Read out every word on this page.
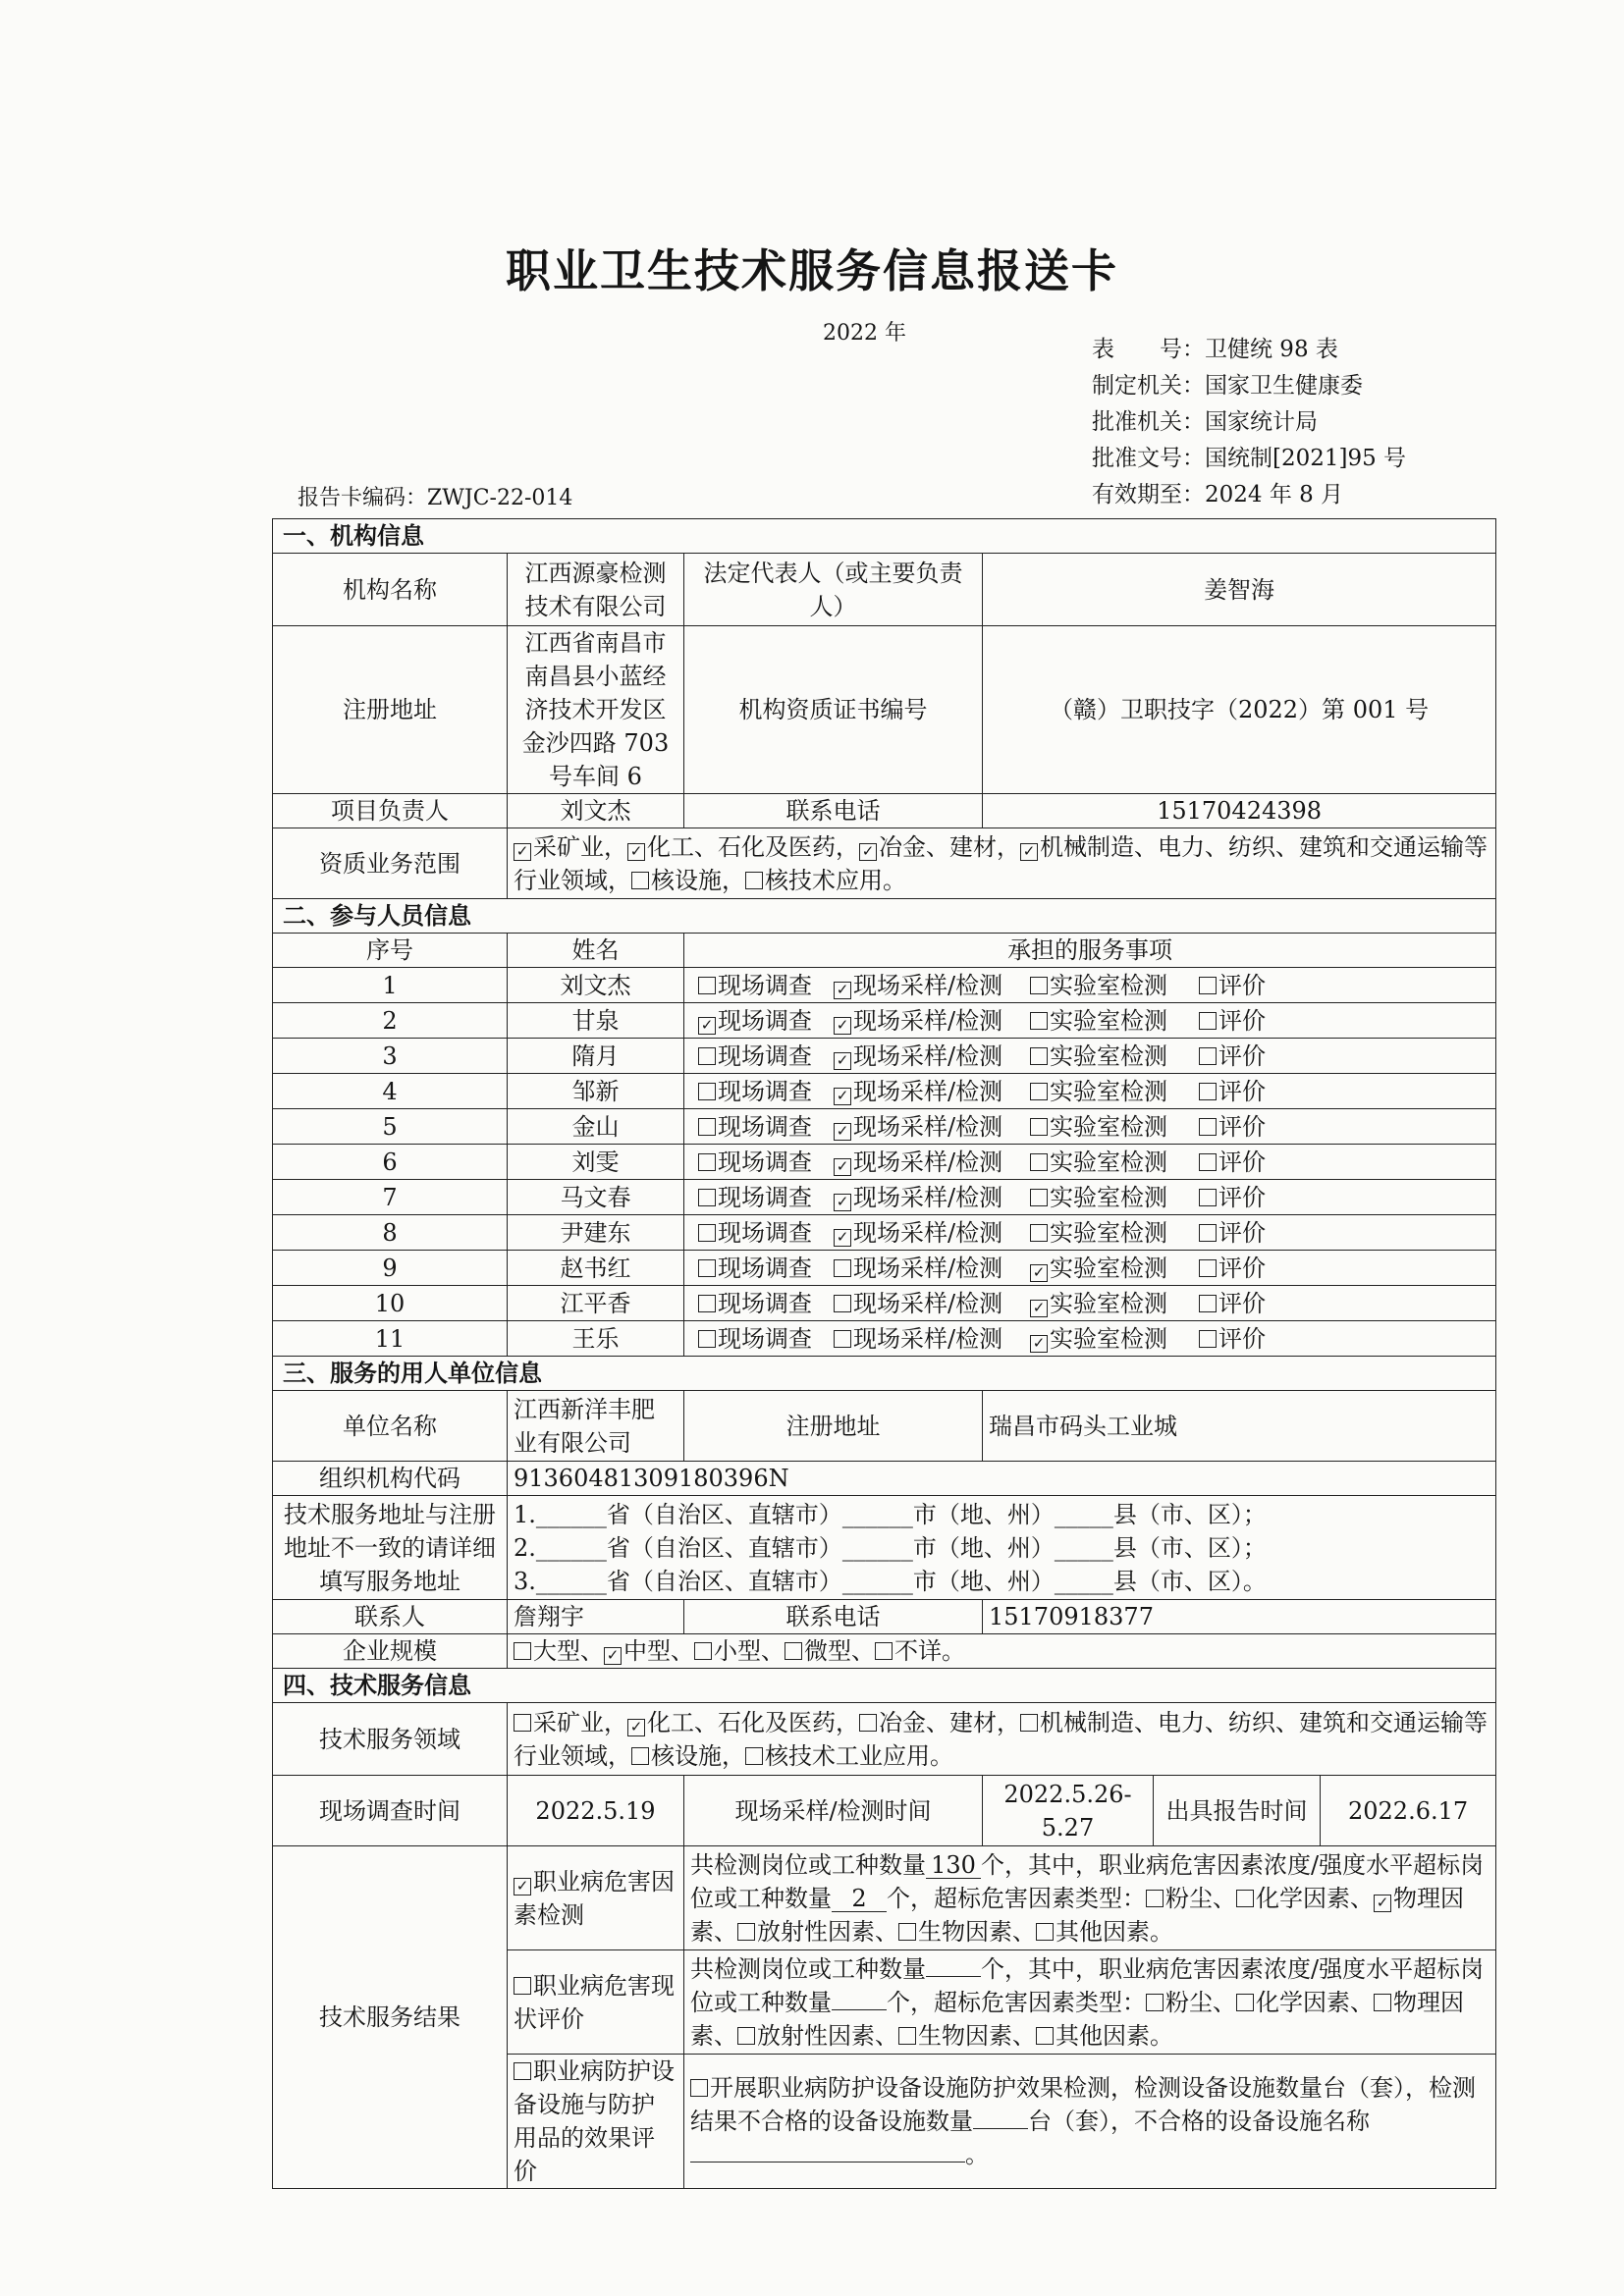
职业卫生技术服务信息报送卡
2022 年
表　　号：卫健统 98 表
制定机关：国家卫生健康委
批准机关：国家统计局
批准文号：国统制[2021]95 号
有效期至：2024 年 8 月
报告卡编码：ZWJC-22-014
一、机构信息					
机构名称	江西源豪检测技术有限公司	法定代表人（或主要负责人）	姜智海		
注册地址	江西省南昌市南昌县小蓝经济技术开发区金沙四路 703 号车间 6	机构资质证书编号	（赣）卫职技字（2022）第 001 号		
项目负责人	刘文杰	联系电话	15170424398		
资质业务范围	✓ 采矿业， ✓ 化工、石化及医药， ✓ 冶金、建材， ✓ 机械制造、电力、纺织、建筑和交通运输等行业领域， 核设施， 核技术应用。				
二、参与人员信息					
序号	姓名	承担的服务事项			
1	刘文杰	现场调查 ✓ 现场采样/检测 实验室检测 评价			
2	甘泉	✓ 现场调查 ✓ 现场采样/检测 实验室检测 评价			
3	隋月	现场调查 ✓ 现场采样/检测 实验室检测 评价			
4	邹新	现场调查 ✓ 现场采样/检测 实验室检测 评价			
5	金山	现场调查 ✓ 现场采样/检测 实验室检测 评价			
6	刘雯	现场调查 ✓ 现场采样/检测 实验室检测 评价			
7	马文春	现场调查 ✓ 现场采样/检测 实验室检测 评价			
8	尹建东	现场调查 ✓ 现场采样/检测 实验室检测 评价			
9	赵书红	现场调查 现场采样/检测 ✓ 实验室检测 评价			
10	江平香	现场调查 现场采样/检测 ✓ 实验室检测 评价			
11	王乐	现场调查 现场采样/检测 ✓ 实验室检测 评价			
三、服务的用人单位信息					
单位名称	江西新洋丰肥业有限公司	注册地址	瑞昌市码头工业城		
组织机构代码	91360481309180396N				
技术服务地址与注册地址不一致的请详细填写服务地址	1.______省（自治区、直辖市）______市（地、州）_____县（市、区）；
2.______省（自治区、直辖市）______市（地、州）_____县（市、区）；
3.______省（自治区、直辖市）______市（地、州）_____县（市、区）。				

联系人	詹翔宇	联系电话	15170918377		
企业规模	大型、 ✓ 中型、 小型、 微型、 不详。				
四、技术服务信息					
技术服务领域	采矿业， ✓ 化工、石化及医药， 冶金、建材， 机械制造、电力、纺织、建筑和交通运输等行业领域， 核设施， 核技术工业应用。				
现场调查时间	2022.5.19	现场采样/检测时间	2022.5.26-5.27	出具报告时间	2022.6.17
技术服务结果	✓ 职业病危害因素检测	共检测岗位或工种数量 130 个，其中，职业病危害因素浓度/强度水平超标岗位或工种数量 2 个，超标危害因素类型： 粉尘、 化学因素、 ✓ 物理因素、 放射性因素、 生物因素、 其他因素。			
	职业病危害现状评价	共检测岗位或工种数量 个，其中，职业病危害因素浓度/强度水平超标岗位或工种数量 个，超标危害因素类型： 粉尘、 化学因素、 物理因素、 放射性因素、 生物因素、 其他因素。			
	职业病防护设备设施与防护用品的效果评价	开展职业病防护设备设施防护效果检测，检测设备设施数量台（套），检测结果不合格的设备设施数量 台（套），不合格的设备设施名称。			
